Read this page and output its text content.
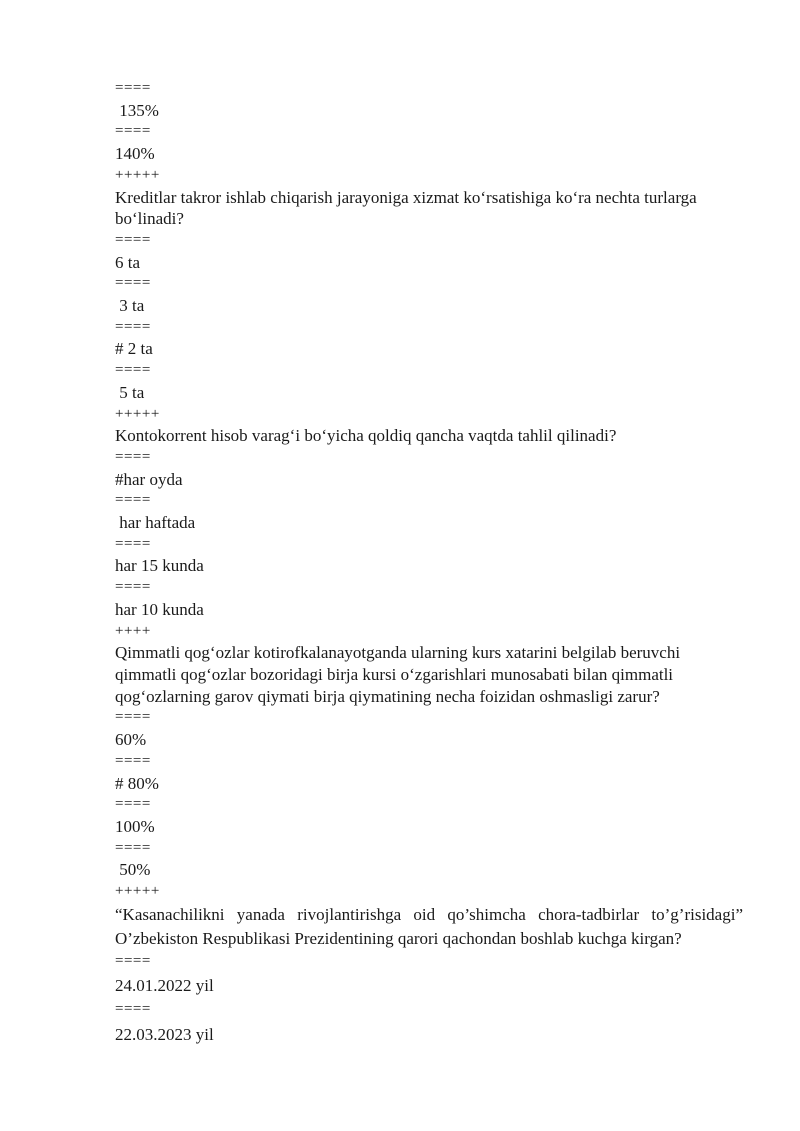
====
135%
====
140%
+++++
Kreditlar takror ishlab chiqarish jarayoniga xizmat ko‘rsatishiga ko‘ra nechta turlarga bo‘linadi?
====
6 ta
====
3 ta
====
# 2 ta
====
5 ta
+++++
Kontokorrent hisob varag‘i bo‘yicha qoldiq qancha vaqtda tahlil qilinadi?
====
#har oyda
====
har haftada
====
har 15 kunda
====
har 10 kunda
++++
Qimmatli qog‘ozlar kotirofkalanayotganda ularning kurs xatarini belgilab beruvchi qimmatli qog‘ozlar bozoridagi birja kursi o‘zgarishlari munosabati bilan qimmatli qog‘ozlarning garov qiymati birja qiymatining necha foizidan oshmasligi zarur?
====
60%
====
# 80%
====
100%
====
50%
+++++
“Kasanachilikni yanada rivojlantirishga oid qo’shimcha chora-tadbirlar to’g’risidagi” O’zbekiston Respublikasi Prezidentining qarori qachondan boshlab kuchga kirgan?
====
24.01.2022 yil
====
22.03.2023 yil
